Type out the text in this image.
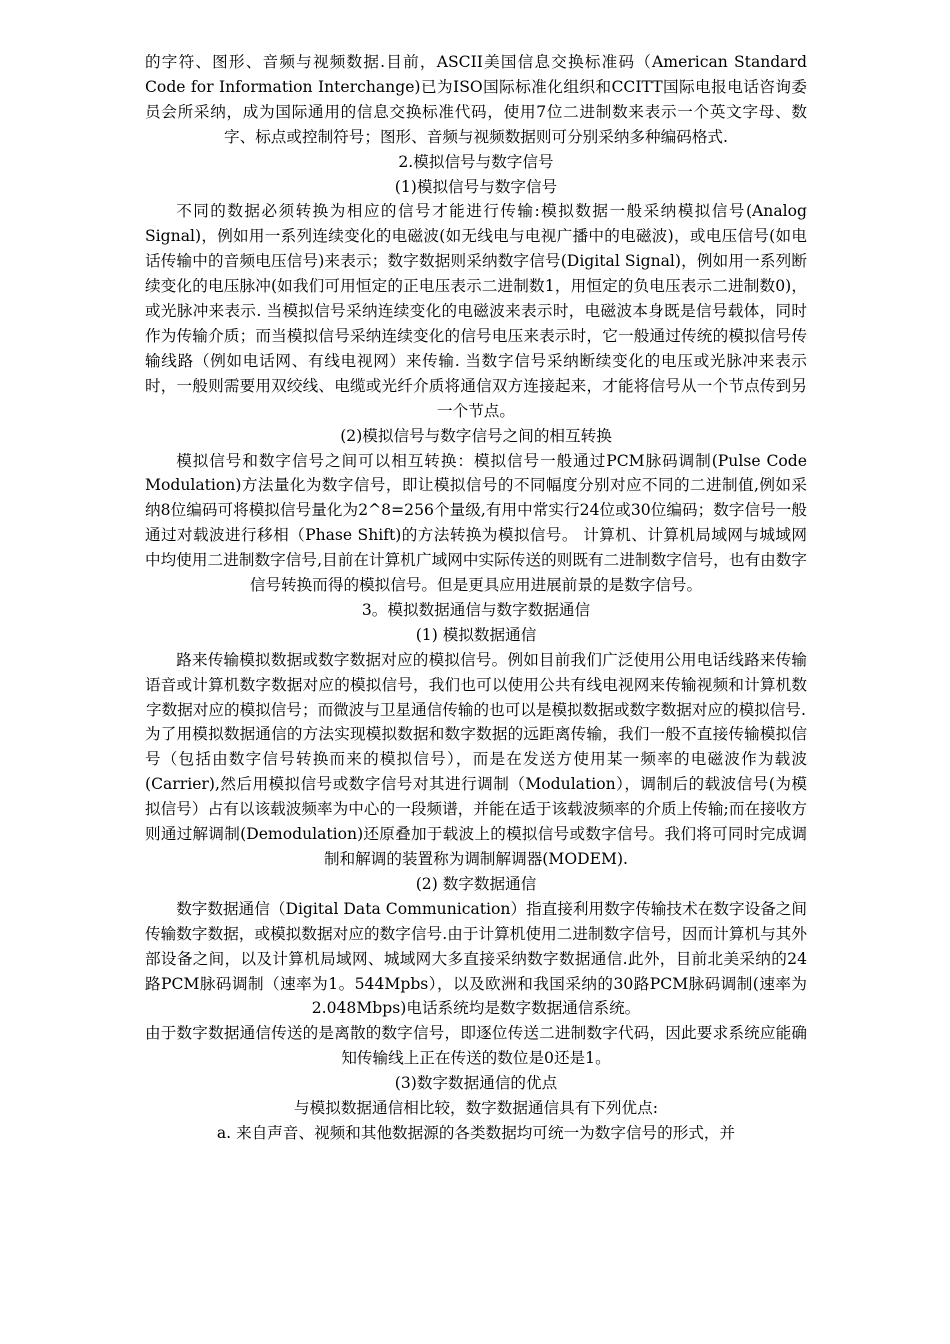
的字符、图形、音频与视频数据.目前，ASCII美国信息交换标准码（American Standard Code for Information Interchange)已为ISO国际标准化组织和CCITT国际电报电话咨询委员会所采纳，成为国际通用的信息交换标准代码，使用7位二进制数来表示一个英文字母、数字、标点或控制符号；图形、音频与视频数据则可分别采纳多种编码格式.

2.模拟信号与数字信号

(1)模拟信号与数字信号

不同的数据必须转换为相应的信号才能进行传输:模拟数据一般采纳模拟信号(Analog Signal)，例如用一系列连续变化的电磁波(如无线电与电视广播中的电磁波)，或电压信号(如电话传输中的音频电压信号)来表示；数字数据则采纳数字信号(Digital Signal)，例如用一系列断续变化的电压脉冲(如我们可用恒定的正电压表示二进制数1，用恒定的负电压表示二进制数0)，或光脉冲来表示. 当模拟信号采纳连续变化的电磁波来表示时，电磁波本身既是信号载体，同时作为传输介质；而当模拟信号采纳连续变化的信号电压来表示时，它一般通过传统的模拟信号传输线路（例如电话网、有线电视网）来传输. 当数字信号采纳断续变化的电压或光脉冲来表示时，一般则需要用双绞线、电缆或光纤介质将通信双方连接起来，才能将信号从一个节点传到另一个节点。

(2)模拟信号与数字信号之间的相互转换

模拟信号和数字信号之间可以相互转换：模拟信号一般通过PCM脉码调制(Pulse Code Modulation)方法量化为数字信号，即让模拟信号的不同幅度分别对应不同的二进制值,例如采纳8位编码可将模拟信号量化为2^8=256个量级,有用中常实行24位或30位编码；数字信号一般通过对载波进行移相（Phase Shift)的方法转换为模拟信号。 计算机、计算机局域网与城域网中均使用二进制数字信号,目前在计算机广域网中实际传送的则既有二进制数字信号，也有由数字信号转换而得的模拟信号。但是更具应用进展前景的是数字信号。

3。模拟数据通信与数字数据通信

(1) 模拟数据通信

路来传输模拟数据或数字数据对应的模拟信号。例如目前我们广泛使用公用电话线路来传输语音或计算机数字数据对应的模拟信号，我们也可以使用公共有线电视网来传输视频和计算机数字数据对应的模拟信号；而微波与卫星通信传输的也可以是模拟数据或数字数据对应的模拟信号.

为了用模拟数据通信的方法实现模拟数据和数字数据的远距离传输，我们一般不直接传输模拟信号（包括由数字信号转换而来的模拟信号），而是在发送方使用某一频率的电磁波作为载波(Carrier),然后用模拟信号或数字信号对其进行调制（Modulation），调制后的载波信号(为模拟信号）占有以该载波频率为中心的一段频谱，并能在适于该载波频率的介质上传输;而在接收方则通过解调制(Demodulation)还原叠加于载波上的模拟信号或数字信号。我们将可同时完成调制和解调的装置称为调制解调器(MODEM).

(2) 数字数据通信

数字数据通信（Digital Data Communication）指直接利用数字传输技术在数字设备之间传输数字数据，或模拟数据对应的数字信号.由于计算机使用二进制数字信号，因而计算机与其外部设备之间，以及计算机局域网、城域网大多直接采纳数字数据通信.此外，目前北美采纳的24路PCM脉码调制（速率为1。544Mpbs），以及欧洲和我国采纳的30路PCM脉码调制(速率为2.048Mbps)电话系统均是数字数据通信系统。

由于数字数据通信传送的是离散的数字信号，即逐位传送二进制数字代码，因此要求系统应能确知传输线上正在传送的数位是0还是1。

(3)数字数据通信的优点

与模拟数据通信相比较，数字数据通信具有下列优点:

a. 来自声音、视频和其他数据源的各类数据均可统一为数字信号的形式，并
